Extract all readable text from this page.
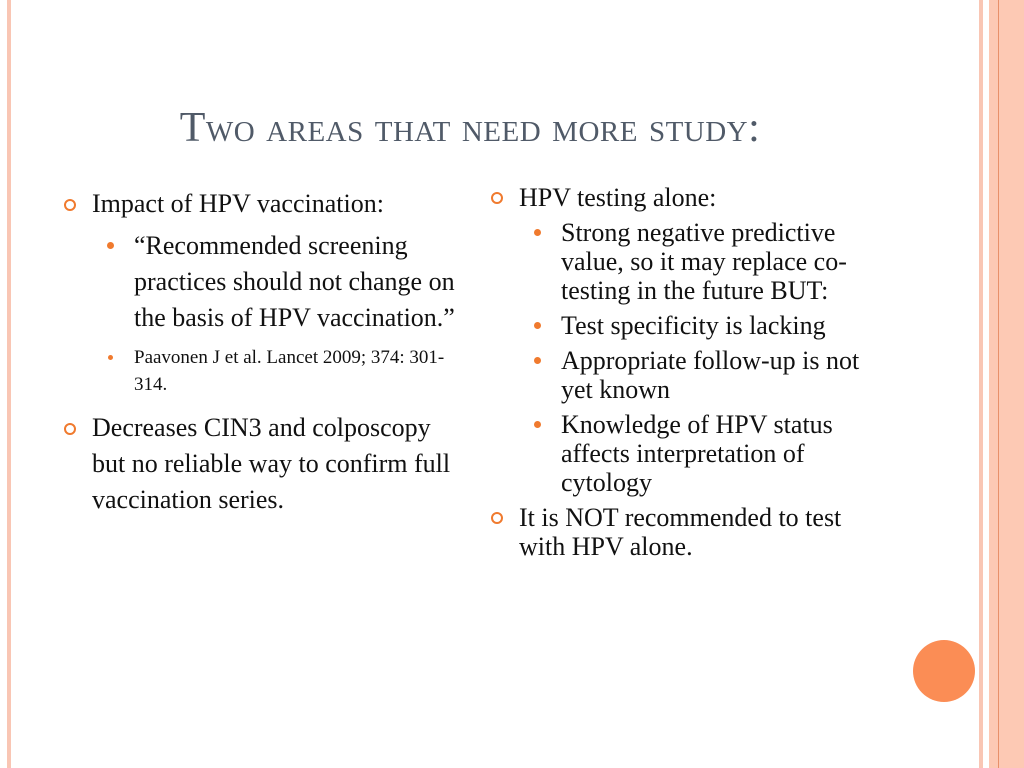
Two areas that need more study:
Impact of HPV vaccination:
“Recommended screening practices should not change on the basis of HPV vaccination.”
Paavonen J et al. Lancet 2009; 374: 301-314.
Decreases CIN3 and colposcopy but no reliable way to confirm full vaccination series.
HPV testing alone:
Strong negative predictive value, so it may replace co-testing in the future BUT:
Test specificity is lacking
Appropriate follow-up is not yet known
Knowledge of HPV status affects interpretation of cytology
It is NOT recommended to test with HPV alone.
